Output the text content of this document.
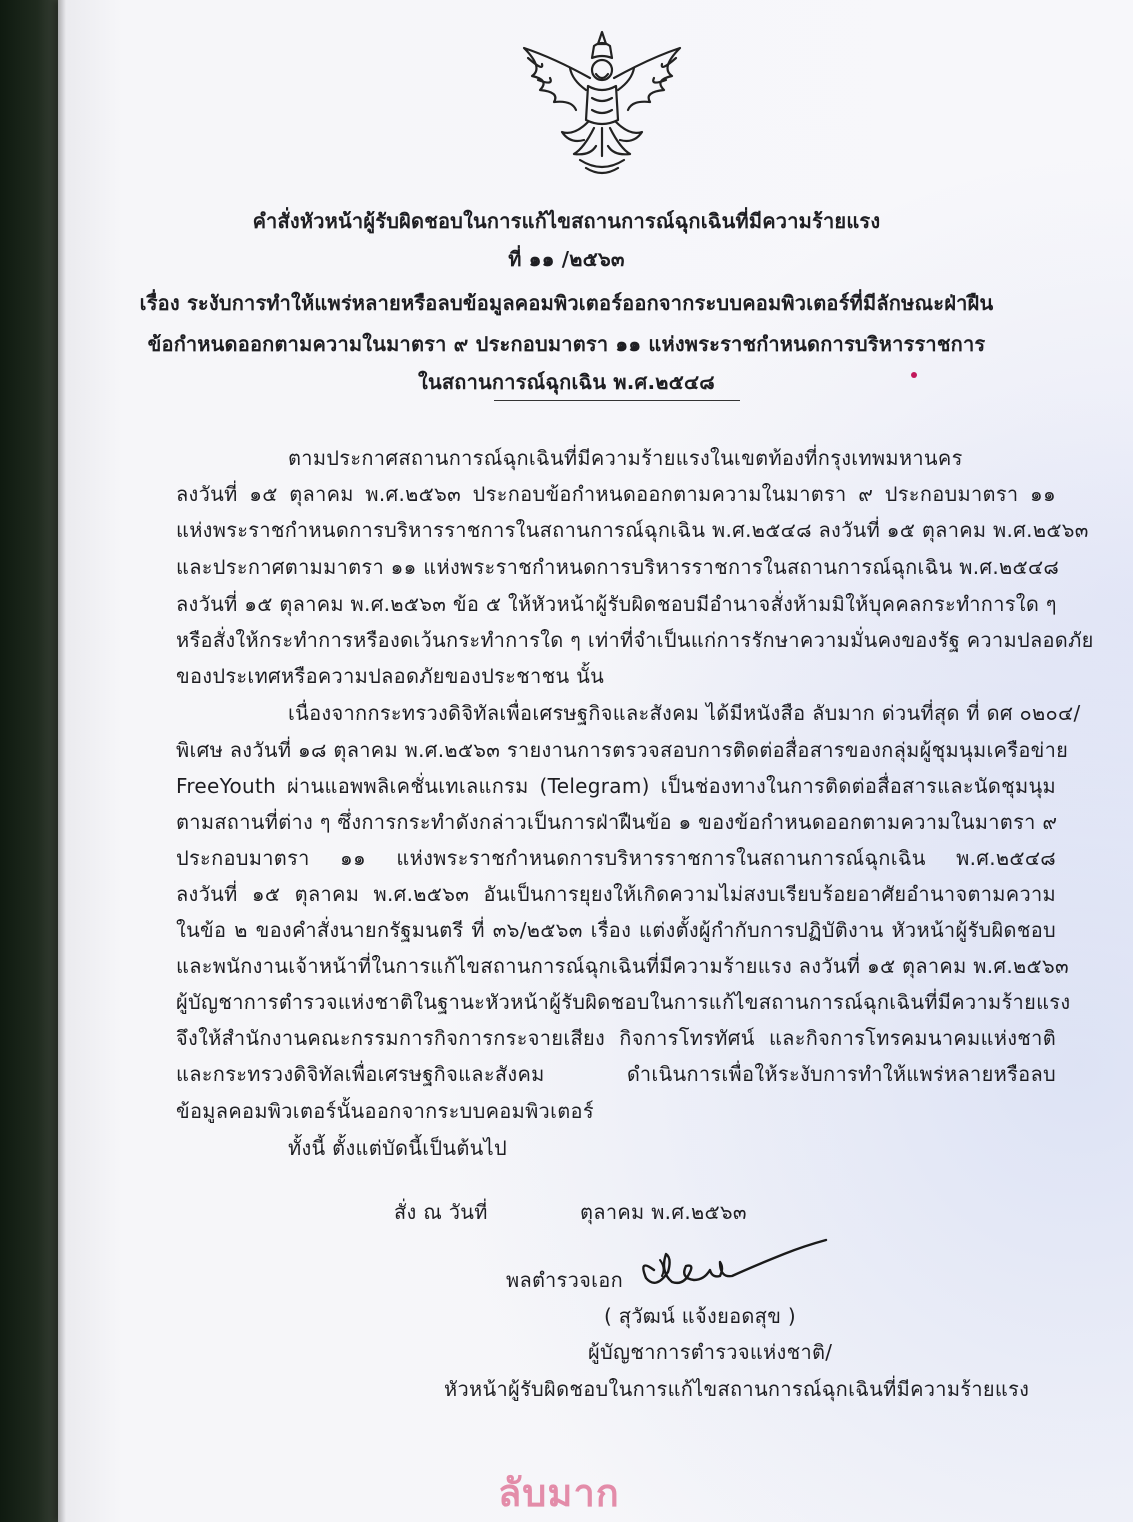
คำสั่งหัวหน้าผู้รับผิดชอบในการแก้ไขสถานการณ์ฉุกเฉินที่มีความร้ายแรง
ที่ ๑๑ /๒๕๖๓
เรื่อง ระงับการทำให้แพร่หลายหรือลบข้อมูลคอมพิวเตอร์ออกจากระบบคอมพิวเตอร์ที่มีลักษณะฝ่าฝืน
ข้อกำหนดออกตามความในมาตรา ๙ ประกอบมาตรา ๑๑ แห่งพระราชกำหนดการบริหารราชการ
ในสถานการณ์ฉุกเฉิน พ.ศ.๒๕๔๘
ตามประกาศสถานการณ์ฉุกเฉินที่มีความร้ายแรงในเขตท้องที่กรุงเทพมหานคร
ลงวันที่ ๑๕ ตุลาคม พ.ศ.๒๕๖๓ ประกอบข้อกำหนดออกตามความในมาตรา ๙ ประกอบมาตรา ๑๑
แห่งพระราชกำหนดการบริหารราชการในสถานการณ์ฉุกเฉิน พ.ศ.๒๕๔๘ ลงวันที่ ๑๕ ตุลาคม พ.ศ.๒๕๖๓
และประกาศตามมาตรา ๑๑ แห่งพระราชกำหนดการบริหารราชการในสถานการณ์ฉุกเฉิน พ.ศ.๒๕๔๘
ลงวันที่ ๑๕ ตุลาคม พ.ศ.๒๕๖๓ ข้อ ๕ ให้หัวหน้าผู้รับผิดชอบมีอำนาจสั่งห้ามมิให้บุคคลกระทำการใด ๆ
หรือสั่งให้กระทำการหรืองดเว้นกระทำการใด ๆ เท่าที่จำเป็นแก่การรักษาความมั่นคงของรัฐ ความปลอดภัย
ของประเทศหรือความปลอดภัยของประชาชน นั้น
เนื่องจากกระทรวงดิจิทัลเพื่อเศรษฐกิจและสังคม ได้มีหนังสือ ลับมาก ด่วนที่สุด ที่ ดศ ๐๒๐๔/
พิเศษ ลงวันที่ ๑๘ ตุลาคม พ.ศ.๒๕๖๓ รายงานการตรวจสอบการติดต่อสื่อสารของกลุ่มผู้ชุมนุมเครือข่าย
FreeYouth ผ่านแอพพลิเคชั่นเทเลแกรม (Telegram) เป็นช่องทางในการติดต่อสื่อสารและนัดชุมนุม
ตามสถานที่ต่าง ๆ ซึ่งการกระทำดังกล่าวเป็นการฝ่าฝืนข้อ ๑ ของข้อกำหนดออกตามความในมาตรา ๙
ประกอบมาตรา ๑๑ แห่งพระราชกำหนดการบริหารราชการในสถานการณ์ฉุกเฉิน พ.ศ.๒๕๔๘
ลงวันที่ ๑๕ ตุลาคม พ.ศ.๒๕๖๓ อันเป็นการยุยงให้เกิดความไม่สงบเรียบร้อยอาศัยอำนาจตามความ
ในข้อ ๒ ของคำสั่งนายกรัฐมนตรี ที่ ๓๖/๒๕๖๓ เรื่อง แต่งตั้งผู้กำกับการปฏิบัติงาน หัวหน้าผู้รับผิดชอบ
และพนักงานเจ้าหน้าที่ในการแก้ไขสถานการณ์ฉุกเฉินที่มีความร้ายแรง ลงวันที่ ๑๕ ตุลาคม พ.ศ.๒๕๖๓
ผู้บัญชาการตำรวจแห่งชาติในฐานะหัวหน้าผู้รับผิดชอบในการแก้ไขสถานการณ์ฉุกเฉินที่มีความร้ายแรง
จึงให้สำนักงานคณะกรรมการกิจการกระจายเสียง กิจการโทรทัศน์ และกิจการโทรคมนาคมแห่งชาติ
และกระทรวงดิจิทัลเพื่อเศรษฐกิจและสังคม ดำเนินการเพื่อให้ระงับการทำให้แพร่หลายหรือลบ
ข้อมูลคอมพิวเตอร์นั้นออกจากระบบคอมพิวเตอร์
ทั้งนี้ ตั้งแต่บัดนี้เป็นต้นไป
สั่ง ณ วันที่	ตุลาคม พ.ศ.๒๕๖๓
พลตำรวจเอก
( สุวัฒน์ แจ้งยอดสุข )
ผู้บัญชาการตำรวจแห่งชาติ/
หัวหน้าผู้รับผิดชอบในการแก้ไขสถานการณ์ฉุกเฉินที่มีความร้ายแรง
ลับมาก
